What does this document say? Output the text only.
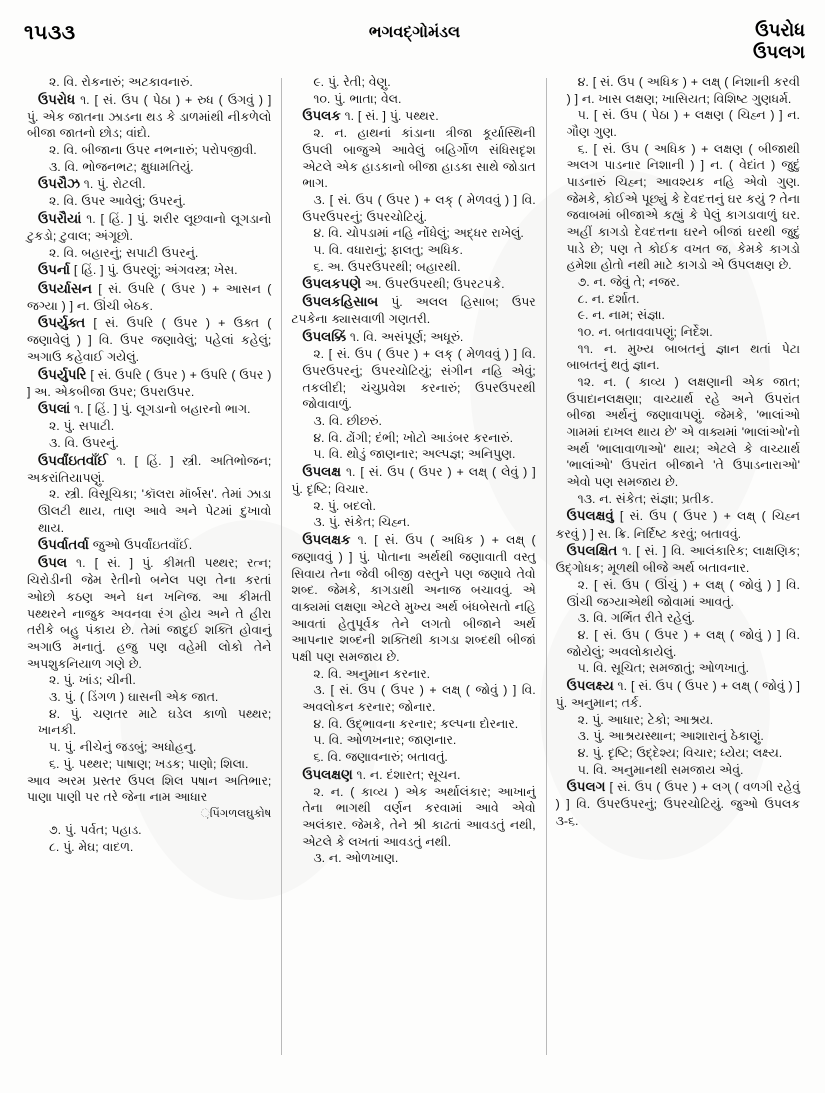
૧૫૩૩	ભગવદ્ગોમંડલ	ઉપરોધ
ઉપલગ

૨. વિ. રોકનારું; અટકાવનારું.

ઉપરોધ ૧. [ સં. ઉપ ( પેઠા ) + રુધ ( ઉગવું ) ] પું. એક જાતના ઝાડના થડ કે ડાળમાંથી નીકળેલો બીજા જાતનો છોડ; વાંદો.

૨. વિ. બીજાના ઉપર નભનારું; પરોપજીવી.

૩. વિ. ભોજનભટ; ક્ષુધામતિયું.

ઉપરૌઝ ૧. પું. રોટલી.

૨. વિ. ઉપર આવેલું; ઉપરનું.

ઉપરૌયાં ૧. [ હિં. ] પું. શરીર લૂછવાનો લૂગડાનો ટુકડો; ટુવાલ; અંગૂછો.

૨. વિ. બહારનું; સપાટી ઉપરનું.

ઉપર્ના [ હિં. ] પું. ઉપરણું; અંગવસ્ત્ર; ખેસ.

ઉપર્યાસન [ સં. ઉપરિ ( ઉપર ) + આસન ( જગ્યા ) ] ન. ઊંચી બેઠક.

ઉપર્યુક્ત [ સં. ઉપરિ ( ઉપર ) + ઉક્ત ( જણાવેલું ) ] વિ. ઉપર જણાવેલું; પહેલાં કહેલું; અગાઉ કહેવાઈ ગયેલું.

ઉપર્યુપરિ [ સં. ઉપરિ ( ઉપર ) + ઉપરિ ( ઉપર ) ] અ. એકબીજા ઉપર; ઉપરાઉપર.

ઉપલાં ૧. [ હિં. ] પું. લૂગડાનો બહારનો ભાગ.

૨. પું. સપાટી.

૩. વિ. ઉપરનું.

ઉપર્વાંઇતવાઁઈ ૧. [ હિં. ] સ્ત્રી. અતિભોજન; અકરાંતિયાપણું.

૨. સ્ત્રી. વિસૂચિકા; 'કૉલરા મૉર્બસ'. તેમાં ઝાડા ઊલટી થાય, તાણ આવે અને પેટમાં દુખાવો થાય.

ઉપર્વાતર્વા જુઓ ઉપર્વાંઇતવાઁઈ.

ઉપલ ૧. [ સં. ] પું. કીમતી પથ્થર; રત્ન; ચિરોડીની જેમ રેતીનો બનેલ પણ તેના કરતાં ઓછો કઠણ અને ધન ખનિજ. આ કીમતી પથ્થરને નાજુક અવનવા રંગ હોય અને તે હીરા તરીકે બહુ પંકાય છે. તેમાં જાદુઈ શક્તિ હોવાનું અગાઉ મનાતું. હજુ પણ વહેમી લોકો તેને અપશુકનિયાળ ગણે છે.

૨. પું. ખાંડ; ચીની.

૩. પું. ( ડિંગળ ) ઘાસની એક જાત.

૪. પું. ચણતર માટે ઘડેલ કાળો પથ્થર; ખાનકી.

૫. પું. નીચેનું જડબું; અધોહનુ.

૬. પું. પથ્થર; પાષાણ; ખડક; પાણો; શિલા.

આવ અરમ પ્રસ્તર ઉપલ શિલ પષાન અતિભાર; પાણા પાણી પર તરે જેના નામ આધાર

઼પિંગળલઘુકોષ

૭. પું. પર્વત; પહાડ.

૮. પું. મેઘ; વાદળ.

૯. પું. રેતી; વેણુ.

૧૦. પું. ભાતા; વેલ.

ઉપલક ૧. [ સં. ] પું. પથ્થર.

૨. ન. હાથનાં કાંડાના ત્રીજા કૂર્યાસ્થિની ઉપલી બાજુએ આવેલું બહિર્ગોળ સંધિસદૃશ એટલે એક હાડકાનો બીજા હાડકા સાથે જોડાત ભાગ.

૩. [ સં. ઉપ ( ઉપર ) + લક્ ( મેળવવું ) ] વિ. ઉપરઉપરનું; ઉપરચોટિયું.

૪. વિ. ચોપડામાં નહિ નોંધેલું; અદ્ધર રાખેલું.

૫. વિ. વધારાનું; ફાલતુ; અધિક.

૬. અ. ઉપરઉપરથી; બહારથી.

ઉપલકપણે અ. ઉપરઉપરથી; ઉપરટપકે.

ઉપલકહિસાબ પું. અલલ હિસાબ; ઉપર ટપકેના ક્યાસવાળી ગણતરી.

ઉપલક્કિંં ૧. વિ. અસંપૂર્ણ; અધૂરું.

૨. [ સં. ઉપ ( ઉપર ) + લક્ ( મેળવવું ) ] વિ. ઉપરઉપરનું; ઉપરચોટિયું; સંગીન નહિ એવું; તકલીદી; ચંચુપ્રવેશ કરનારું; ઉપરઉપરથી જોવાવાળું.

૩. વિ. છીછરું.

૪. વિ. ઢોંગી; દંભી; ખોટો આડંબર કરનારું.

૫. વિ. થોડું જાણનાર; અલ્પજ્ઞ; અનિપુણ.

ઉપલક્ષ ૧. [ સં. ઉપ ( ઉપર ) + લક્ષ્ ( લેવું ) ] પું. દૃષ્ટિ; વિચાર.

૨. પું. બદલો.

૩. પું. સંકેત; ચિહ્ન.

ઉપલક્ષક ૧. [ સં. ઉપ ( અધિક ) + લક્ષ્ ( જણાવવું ) ] પું. પોતાના અર્થથી જણાવાતી વસ્તુ સિવાય તેના જેવી બીજી વસ્તુને પણ જણાવે તેવો શબ્દ. જેમકે, કાગડાથી અનાજ બચાવવું. એ વાક્યમાં લક્ષણા એટલે મુખ્ય અર્થ બંધબેસતો નહિ આવતાં હેતુપૂર્વક તેને લગતો બીજાને અર્થ આપનાર શબ્દની શક્તિથી કાગડા શબ્દથી બીજાં પક્ષી પણ સમજાય છે.

૨. વિ. અનુમાન કરનાર.

૩. [ સં. ઉપ ( ઉપર ) + લક્ષ્ ( જોવું ) ] વિ. અવલોકન કરનાર; જોનાર.

૪. વિ. ઉદ્ભાવના કરનાર; કલ્પના દોરનાર.

૫. વિ. ઓળખનાર; જાણનાર.

૬. વિ. જણાવનારું; બતાવતું.

ઉપલક્ષણ ૧. ન. દંશારત; સૂચન.

૨. ન. ( કાવ્ય ) એક અર્થાલંકાર; આખાનું તેના ભાગથી વર્ણન કરવામાં આવે એવો અલંકાર. જેમકે, તેને શ્રી કાઢતાં આવડતું નથી, એટલે કે લખતાં આવડતું નથી.

૩. ન. ઓળખાણ.

૪. [ સં. ઉપ ( અધિક ) + લક્ષ્ ( નિશાની કરવી ) ] ન. ખાસ લક્ષણ; ખાસિયત; વિશિષ્ટ ગુણધર્મ.

૫. [ સં. ઉપ ( પેઠા ) + લક્ષણ ( ચિહ્ન ) ] ન. ગૌણ ગુણ.

૬. [ સં. ઉપ ( અધિક ) + લક્ષણ ( બીજાથી અલગ પાડનાર નિશાની ) ] ન. ( વેદાંત ) જુદું પાડનારું ચિહ્ન; આવશ્યક નહિ એવો ગુણ. જેમકે, કોઈએ પૂછ્યું કે દેવદત્તનું ઘર કયું ? તેના જવાબમાં બીજાએ કહ્યું કે પેલું કાગડાવાળું ઘર. અહીં કાગડો દેવદત્તના ઘરને બીજાં ઘરથી જુદું પાડે છે; પણ તે કોઈક વખત જ, કેમકે કાગડો હમેશા હોતો નથી માટે કાગડો એ ઉપલક્ષણ છે.

૭. ન. જેવું તે; નજર.

૮. ન. દર્શાત.

૯. ન. નામ; સંજ્ઞા.

૧૦. ન. બતાવવાપણું; નિર્દેશ.

૧૧. ન. મુખ્ય બાબતનું જ્ઞાન થતાં પેટા બાબતનું થતું જ્ઞાન.

૧૨. ન. ( કાવ્ય ) લક્ષણાની એક જાત; ઉપાદાનલક્ષણા; વાચ્યાર્થ રહે અને ઉપરાંત બીજા અર્થનું જણાવાપણું. જેમકે, 'ભાલાંઓ ગામમાં દાખલ થાય છે' એ વાક્યમાં 'ભાલાંઓ'નો અર્થ 'ભાલાવાળાઓ' થાય; એટલે કે વાચ્યાર્થ 'ભાલાંઓ' ઉપરાંત બીજાને 'તે ઉપાડનારાઓ' એવો પણ સમજાય છે.

૧૩. ન. સંકેત; સંજ્ઞા; પ્રતીક.

ઉપલક્ષવું [ સં. ઉપ ( ઉપર ) + લક્ષ્ ( ચિહ્ન કરવું ) ] સ. ક્રિ. નિર્દિષ્ટ કરવું; બતાવવું.

ઉપલક્ષિત ૧. [ સં. ] વિ. આલંકારિક; લાક્ષણિક; ઉદ્ગોધક; મૂળથી બીજે અર્થ બતાવનાર.

૨. [ સં. ઉપ ( ઊંચું ) + લક્ષ્ ( જોવું ) ] વિ. ઊંચી જગ્યાએથી જોવામાં આવતું.

૩. વિ. ગર્ભિત રીતે રહેલું.

૪. [ સં. ઉપ ( ઉપર ) + લક્ષ્ ( જોવું ) ] વિ. જોયેલું; અવલોકાયેલું.

૫. વિ. સૂચિત; સમજાતું; ઓળખાતું.

ઉપલક્ષ્ય ૧. [ સં. ઉપ ( ઉપર ) + લક્ષ્ ( જોવું ) ] પું. અનુમાન; તર્ક.

૨. પું. આધાર; ટેકો; આશ્રય.

૩. પું. આશ્રયસ્થાન; આશારાનું ઠેકાણું.

૪. પું. દૃષ્ટિ; ઉદ્દેશ્ય; વિચાર; ધ્યેય; લક્ષ્ય.

૫. વિ. અનુમાનથી સમજાય એવું.

ઉપલગ [ સં. ઉપ ( ઉપર ) + લગ્ ( વળગી રહેવું ) ] વિ. ઉપરઉપરનું; ઉપરચોટિયું. જુઓ ઉપલક ૩-૬.
